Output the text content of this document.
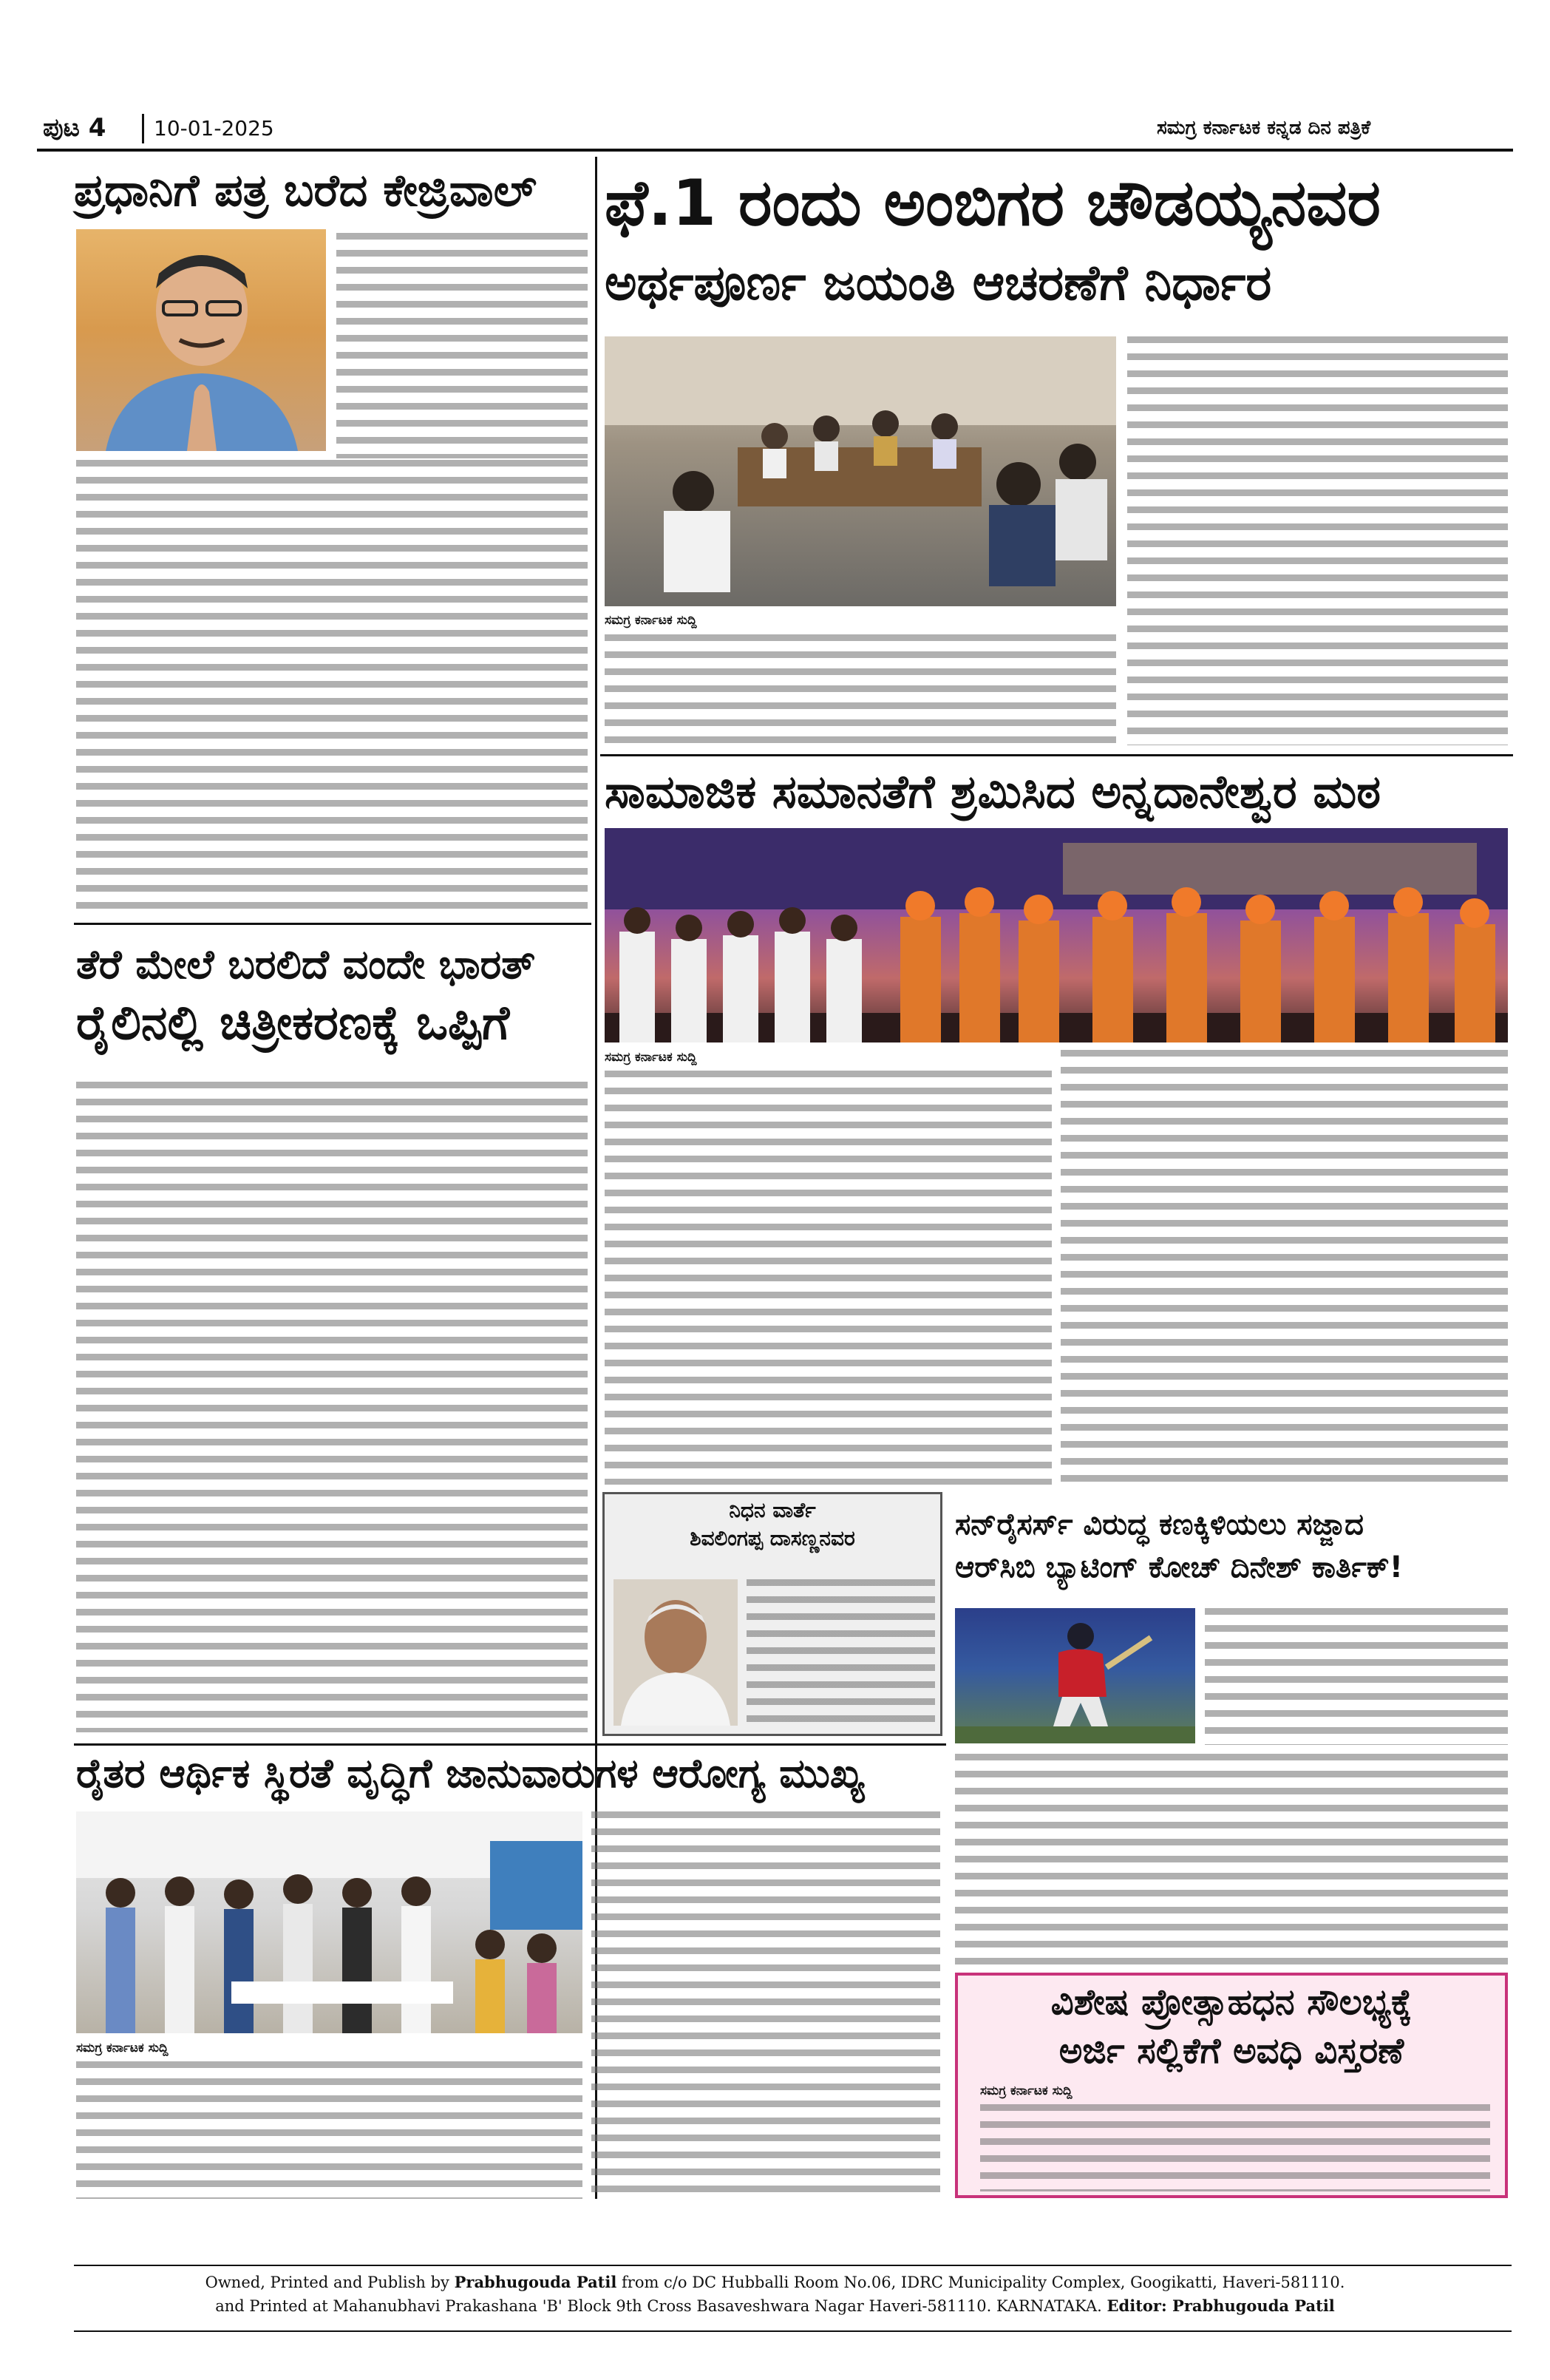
ಪುಟ 4 10-01-2025	ಸಮಗ್ರ ಕರ್ನಾಟಕ ಕನ್ನಡ ದಿನ ಪತ್ರಿಕೆ
ಪ್ರಧಾನಿಗೆ ಪತ್ರ ಬರೆದ ಕೇಜ್ರಿವಾಲ್
ತೆರೆ ಮೇಲೆ ಬರಲಿದೆ ವಂದೇ ಭಾರತ್
ರೈಲಿನಲ್ಲಿ ಚಿತ್ರೀಕರಣಕ್ಕೆ ಒಪ್ಪಿಗೆ
ಫೆ.1 ರಂದು ಅಂಬಿಗರ ಚೌಡಯ್ಯನವರ
ಅರ್ಥಪೂರ್ಣ ಜಯಂತಿ ಆಚರಣೆಗೆ ನಿರ್ಧಾರ
ಸಮಗ್ರ ಕರ್ನಾಟಕ ಸುದ್ದಿ
ಸಾಮಾಜಿಕ ಸಮಾನತೆಗೆ ಶ್ರಮಿಸಿದ ಅನ್ನದಾನೇಶ್ವರ ಮಠ
ಸಮಗ್ರ ಕರ್ನಾಟಕ ಸುದ್ದಿ
ನಿಧನ ವಾರ್ತೆ
ಶಿವಲಿಂಗಪ್ಪ ದಾಸಣ್ಣನವರ	ಸನ್‌ರೈಸರ್ಸ್ ವಿರುದ್ಧ ಕಣಕ್ಕಿಳಿಯಲು ಸಜ್ಜಾದ
ಆರ್‌ಸಿಬಿ ಬ್ಯಾಟಿಂಗ್ ಕೋಚ್ ದಿನೇಶ್ ಕಾರ್ತಿಕ್!
ರೈತರ ಆರ್ಥಿಕ ಸ್ಥಿರತೆ ವೃದ್ಧಿಗೆ ಜಾನುವಾರುಗಳ ಆರೋಗ್ಯ ಮುಖ್ಯ
ಸಮಗ್ರ ಕರ್ನಾಟಕ ಸುದ್ದಿ
ವಿಶೇಷ ಪ್ರೋತ್ಸಾಹಧನ ಸೌಲಭ್ಯಕ್ಕೆ
ಅರ್ಜಿ ಸಲ್ಲಿಕೆಗೆ ಅವಧಿ ವಿಸ್ತರಣೆ
ಸಮಗ್ರ ಕರ್ನಾಟಕ ಸುದ್ದಿ
Owned, Printed and Publish by Prabhugouda Patil from c/o DC Hubballi Room No.06, IDRC Municipality Complex, Googikatti, Haveri-581110.
and Printed at Mahanubhavi Prakashana 'B' Block 9th Cross Basaveshwara Nagar Haveri-581110. KARNATAKA. Editor: Prabhugouda Patil
